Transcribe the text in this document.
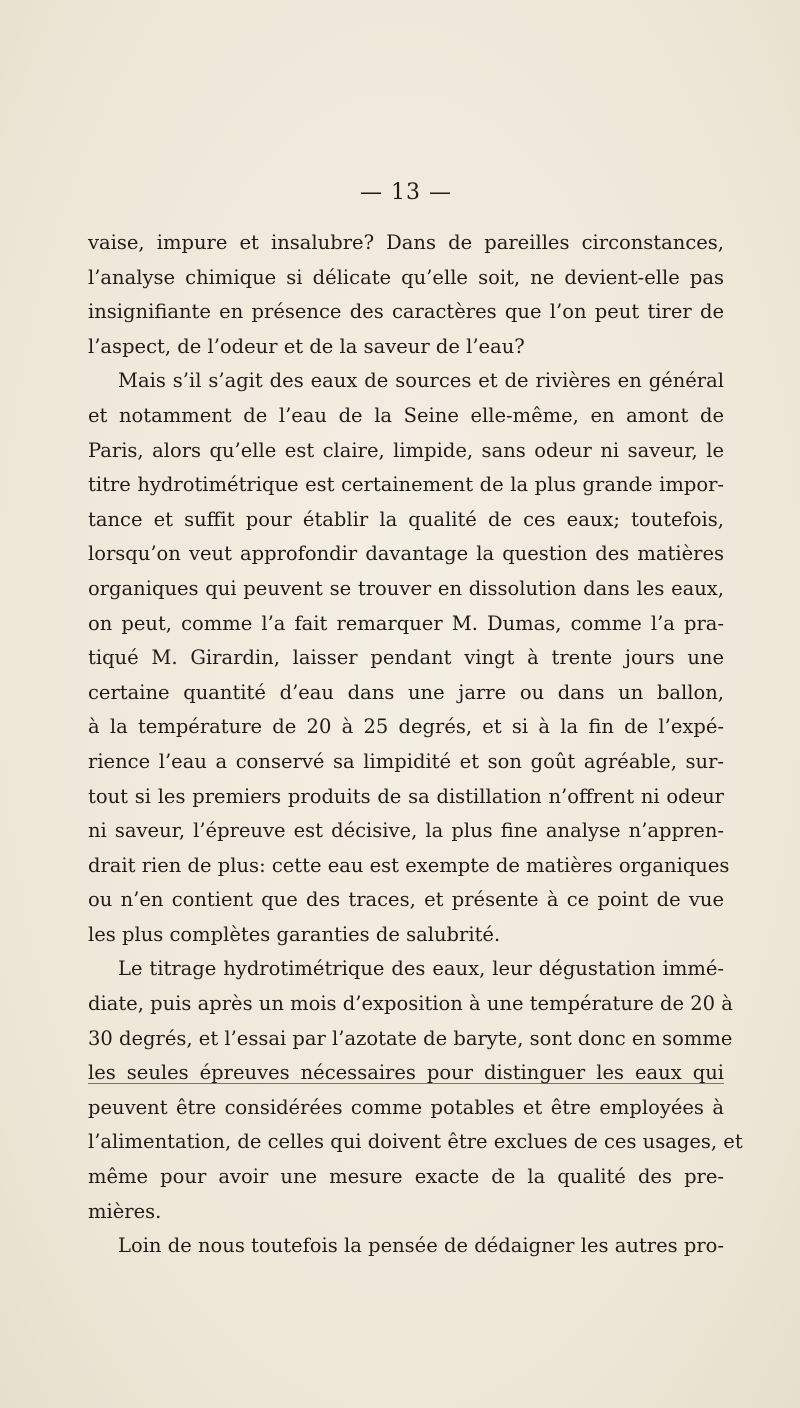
— 13 —
vaise, impure et insalubre? Dans de pareilles circonstances,
l’analyse chimique si délicate qu’elle soit, ne devient-elle pas
insignifiante en présence des caractères que l’on peut tirer de
l’aspect, de l’odeur et de la saveur de l’eau?
Mais s’il s’agit des eaux de sources et de rivières en général
et notamment de l’eau de la Seine elle-même, en amont de
Paris, alors qu’elle est claire, limpide, sans odeur ni saveur, le
titre hydrotimétrique est certainement de la plus grande impor-
tance et suffit pour établir la qualité de ces eaux; toutefois,
lorsqu’on veut approfondir davantage la question des matières
organiques qui peuvent se trouver en dissolution dans les eaux,
on peut, comme l’a fait remarquer M. Dumas, comme l’a pra-
tiqué M. Girardin, laisser pendant vingt à trente jours une
certaine quantité d’eau dans une jarre ou dans un ballon,
à la température de 20 à 25 degrés, et si à la fin de l’expé-
rience l’eau a conservé sa limpidité et son goût agréable, sur-
tout si les premiers produits de sa distillation n’offrent ni odeur
ni saveur, l’épreuve est décisive, la plus fine analyse n’appren-
drait rien de plus: cette eau est exempte de matières organiques
ou n’en contient que des traces, et présente à ce point de vue
les plus complètes garanties de salubrité.
Le titrage hydrotimétrique des eaux, leur dégustation immé-
diate, puis après un mois d’exposition à une température de 20 à
30 degrés, et l’essai par l’azotate de baryte, sont donc en somme
les seules épreuves nécessaires pour distinguer les eaux qui
peuvent être considérées comme potables et être employées à
l’alimentation, de celles qui doivent être exclues de ces usages, et
même pour avoir une mesure exacte de la qualité des pre-
mières.
Loin de nous toutefois la pensée de dédaigner les autres pro-
